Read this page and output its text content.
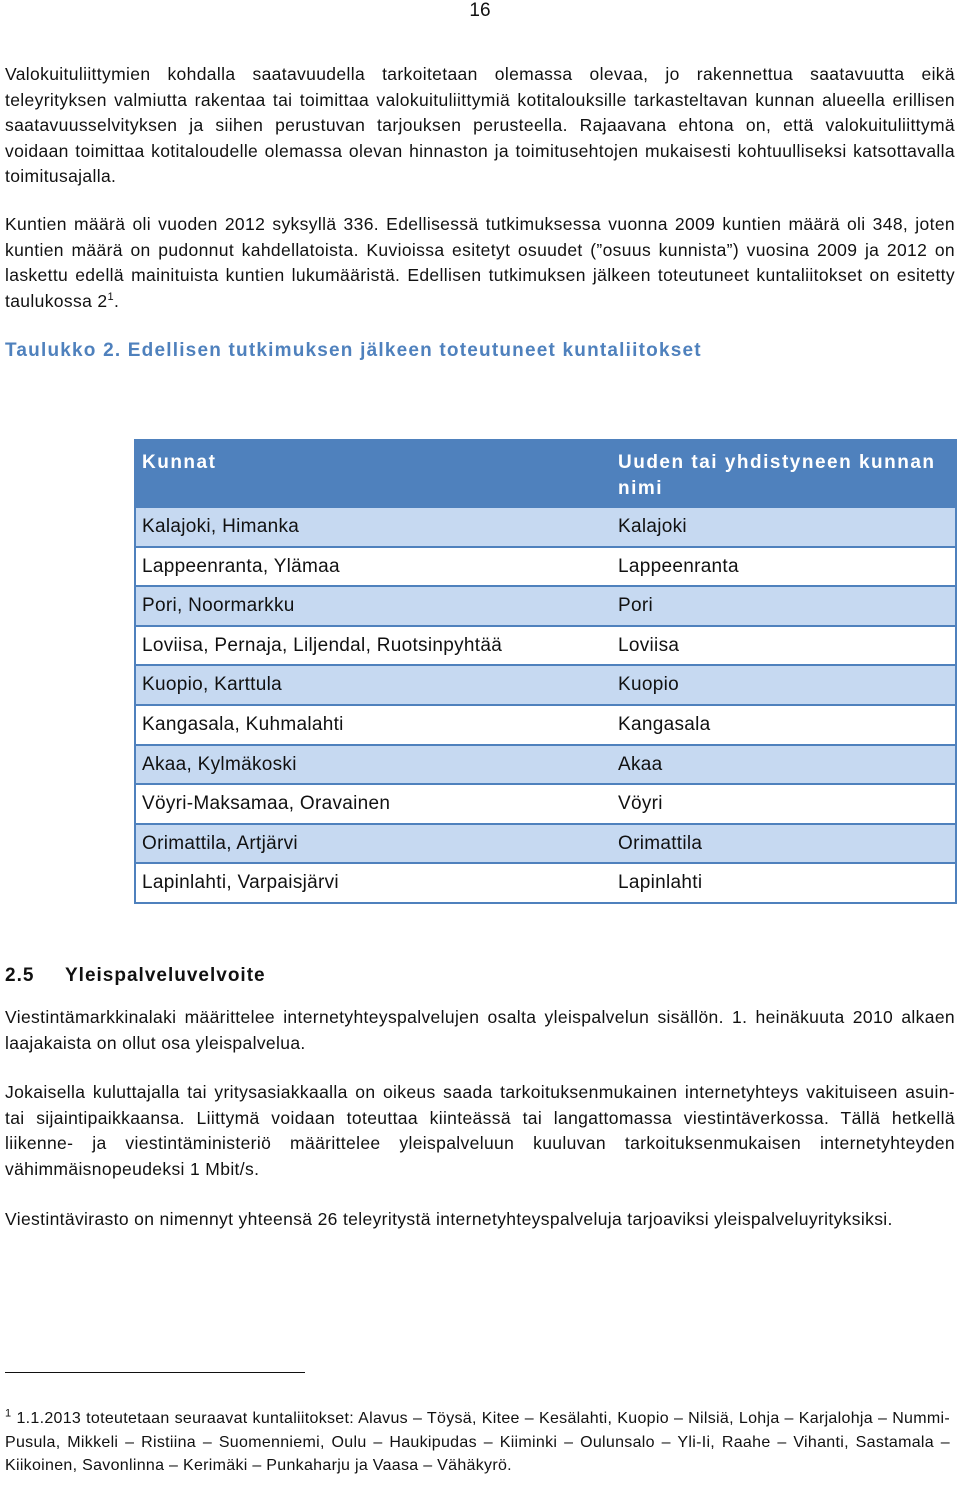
16

Valokuituliittymien kohdalla saatavuudella tarkoitetaan olemassa olevaa, jo rakennettua saatavuutta eikä teleyrityksen valmiutta rakentaa tai toimittaa valokuituliittymiä kotitalouksille tarkasteltavan kunnan alueella erillisen saatavuusselvityksen ja siihen perustuvan tarjouksen perusteella. Rajaavana ehtona on, että valokuituliittymä voidaan toimittaa kotitaloudelle olemassa olevan hinnaston ja toimitusehtojen mukaisesti kohtuulliseksi katsottavalla toimitusajalla.

Kuntien määrä oli vuoden 2012 syksyllä 336. Edellisessä tutkimuksessa vuonna 2009 kuntien määrä oli 348, joten kuntien määrä on pudonnut kahdellatoista. Kuvioissa esitetyt osuudet (”osuus kunnista”) vuosina 2009 ja 2012 on laskettu edellä mainituista kuntien lukumääristä. Edellisen tutkimuksen jälkeen toteutuneet kuntaliitokset on esitetty taulukossa $2^1$.

Taulukko 2. Edellisen tutkimuksen jälkeen toteutuneet kuntaliitokset
Kunnat	Uuden tai yhdistyneen kunnan nimi
Kalajoki, Himanka	Kalajoki
Lappeenranta, Ylämaa	Lappeenranta
Pori, Noormarkku	Pori
Loviisa, Pernaja, Liljendal, Ruotsinpyhtää	Loviisa
Kuopio, Karttula	Kuopio
Kangasala, Kuhmalahti	Kangasala
Akaa, Kylmäkoski	Akaa
Vöyri-Maksamaa, Oravainen	Vöyri
Orimattila, Artjärvi	Orimattila
Lapinlahti, Varpaisjärvi	Lapinlahti
2.5 Yleispalveluvelvoite

Viestintämarkkinalaki määrittelee internetyhteyspalvelujen osalta yleispalvelun sisällön. 1. heinäkuuta 2010 alkaen laajakaista on ollut osa yleispalvelua.

Jokaisella kuluttajalla tai yritysasiakkaalla on oikeus saada tarkoituksenmukainen internetyhteys vakituiseen asuin- tai sijaintipaikkaansa. Liittymä voidaan toteuttaa kiinteässä tai langattomassa viestintäverkossa. Tällä hetkellä liikenne- ja viestintäministeriö määrittelee yleispalveluun kuuluvan tarkoituksenmukaisen internetyhteyden vähimmäisnopeudeksi 1 Mbit/s.

Viestintävirasto on nimennyt yhteensä 26 teleyritystä internetyhteyspalveluja tarjoaviksi yleispalveluyrityksiksi.

$^1$ 1.1.2013 toteutetaan seuraavat kuntaliitokset: Alavus – Töysä, Kitee – Kesälahti, Kuopio – Nilsiä, Lohja – Karjalohja – Nummi-Pusula, Mikkeli – Ristiina – Suomenniemi, Oulu – Haukipudas – Kiiminki – Oulunsalo – Yli-Ii, Raahe – Vihanti, Sastamala – Kiikoinen, Savonlinna – Kerimäki – Punkaharju ja Vaasa – Vähäkyrö.
